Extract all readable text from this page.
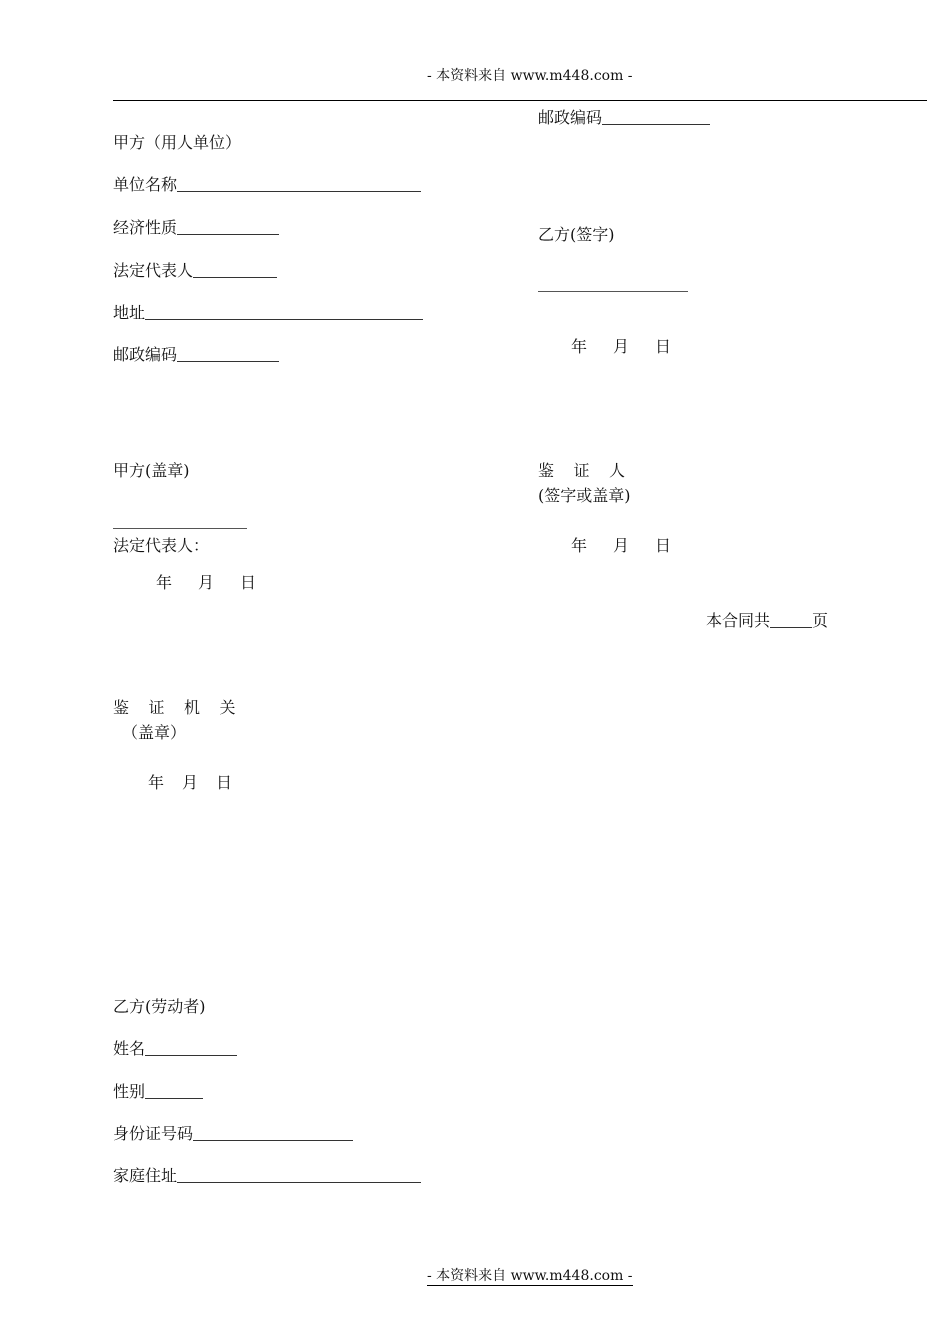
- 本资料来自 www.m448.com -
邮政编码
甲方（用人单位）
单位名称
经济性质
法定代表人
地址
邮政编码
乙方(签字)
年 月 日
甲方(盖章)
法定代表人：
年 月 日
鉴 证 人
(签字或盖章)
年 月 日
本合同共	页
鉴 证 机 关
（盖章）
年 月 日
乙方(劳动者)
姓名
性别
身份证号码
家庭住址
- 本资料来自 www.m448.com -
